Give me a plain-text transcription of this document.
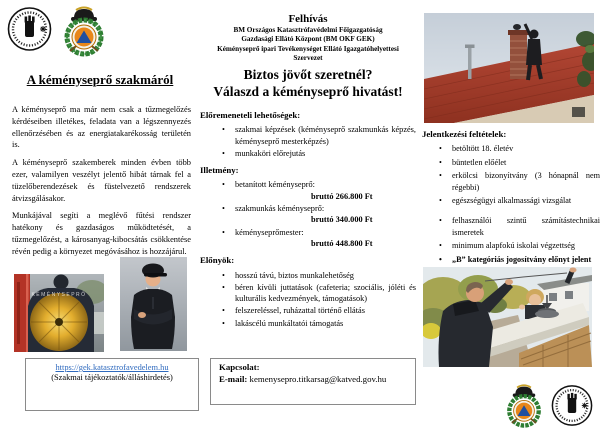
A kéményseprő szakmáról

A kéményseprő ma már nem csak a tűzmegelőzés kérdéseiben illetékes, feladata van a légszennyezés ellenőrzésében és az energiatakarékosság területén is.

A kéményseprő szakemberek minden évben több ezer, valamilyen veszélyt jelentő hibát tárnak fel a tüzelőberendezések és füstelvezető rendszerek átvizsgálásakor.

Munkájával segíti a meglévő fűtési rendszer hatékony és gazdaságos működtetését, a tűzmegelőzést, a károsanyag-kibocsátás csökkentése révén pedig a környezet megóvásához is hozzájárul.

KÉMÉNYSEPRŐ
https://gek.katasztrofavedelem.hu
(Szakmai tájékoztatók/álláshirdetés)
Felhívás
BM Országos Katasztrófavédelmi Főigazgatóság
Gazdasági Ellátó Központ (BM OKF GEK)
Kéményseprő ipari Tevékenységet Ellátó Igazgatóhelyettesi
Szervezet
Biztos jövőt szeretnél?
Válaszd a kéményseprő hivatást!
Előremeneteli lehetőségek:
• szakmai képzések (kéményseprő szakmunkás képzés, kéményseprő mesterképzés)
• munkaköri előrejutás
Illetmény:
• betanított kéményseprő:
bruttó 266.800 Ft
• szakmunkás kéményseprő:
bruttó 340.000 Ft
• kéményseprőmester:
bruttó 448.800 Ft
Előnyök:
• hosszú távú, biztos munkalehetőség
• béren kívüli juttatások (cafeteria; szociális, jóléti és kulturális kedvezmények, támogatások)
• felszereléssel, ruházattal történő ellátás
• lakáscélú munkáltatói támogatás
Kapcsolat:
E-mail: kemenysepro.titkarsag@katved.gov.hu
Jelentkezési feltételek:
• betöltött 18. életév
• büntetlen előélet
• erkölcsi bizonyítvány (3 hónapnál nem régebbi)
• egészségügyi alkalmassági vizsgálat
• felhasználói szintű számítástechnikai ismeretek
• minimum alapfokú iskolai végzettség
• „B” kategóriás jogosítvány előnyt jelent
